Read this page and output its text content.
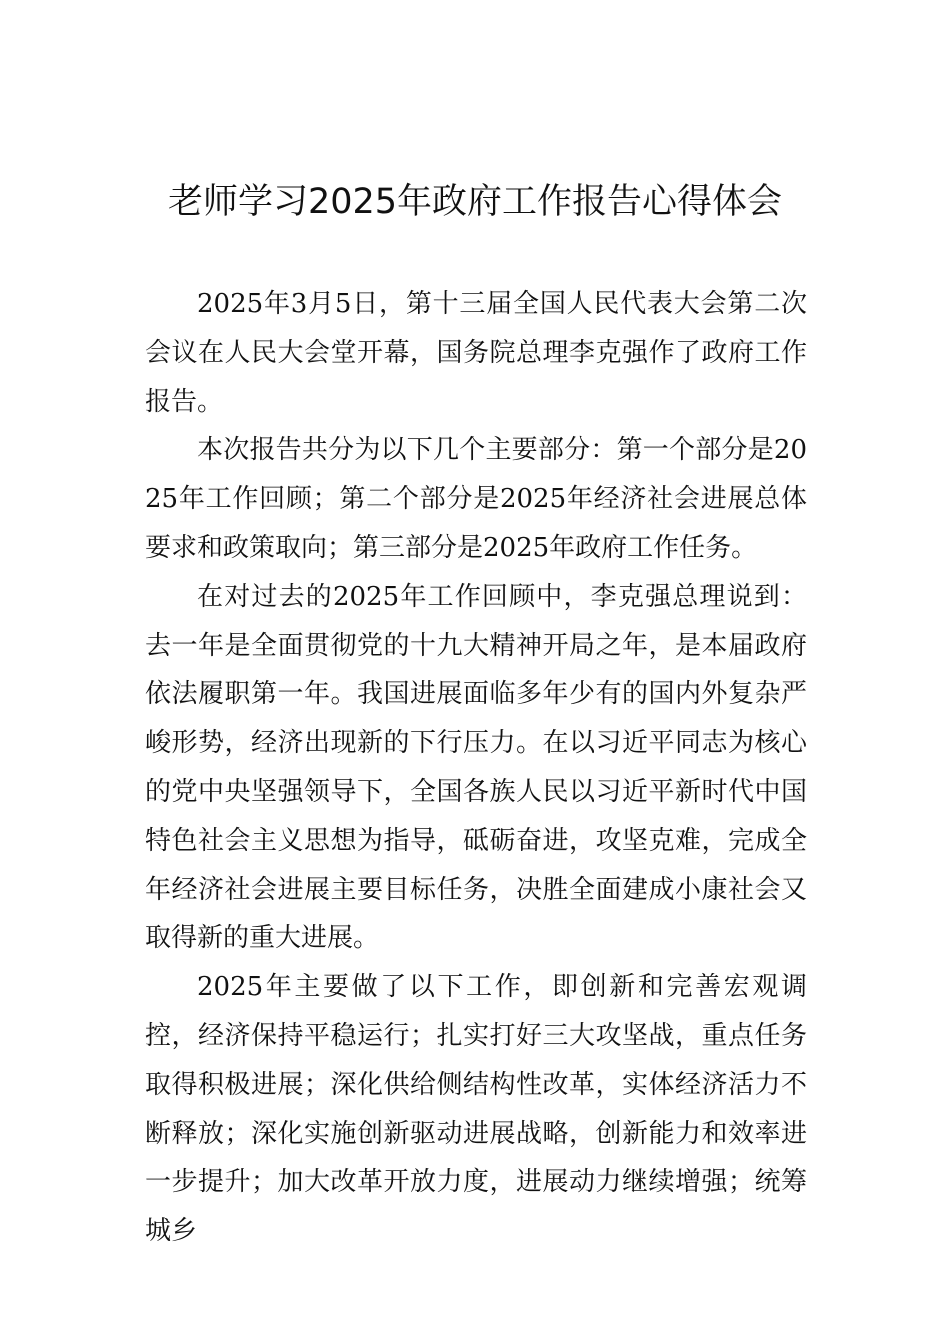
老师学习2025年政府工作报告心得体会

2025年3月5日，第十三届全国人民代表大会第二次会议在人民大会堂开幕，国务院总理李克强作了政府工作报告。

本次报告共分为以下几个主要部分：第一个部分是2025年工作回顾；第二个部分是2025年经济社会进展总体要求和政策取向；第三部分是2025年政府工作任务。

在对过去的2025年工作回顾中，李克强总理说到：去一年是全面贯彻党的十九大精神开局之年，是本届政府依法履职第一年。我国进展面临多年少有的国内外复杂严峻形势，经济出现新的下行压力。在以习近平同志为核心的党中央坚强领导下，全国各族人民以习近平新时代中国特色社会主义思想为指导，砥砺奋进，攻坚克难，完成全年经济社会进展主要目标任务，决胜全面建成小康社会又取得新的重大进展。

2025年主要做了以下工作，即创新和完善宏观调控，经济保持平稳运行；扎实打好三大攻坚战，重点任务取得积极进展；深化供给侧结构性改革，实体经济活力不断释放；深化实施创新驱动进展战略，创新能力和效率进一步提升；加大改革开放力度，进展动力继续增强；统筹城乡
